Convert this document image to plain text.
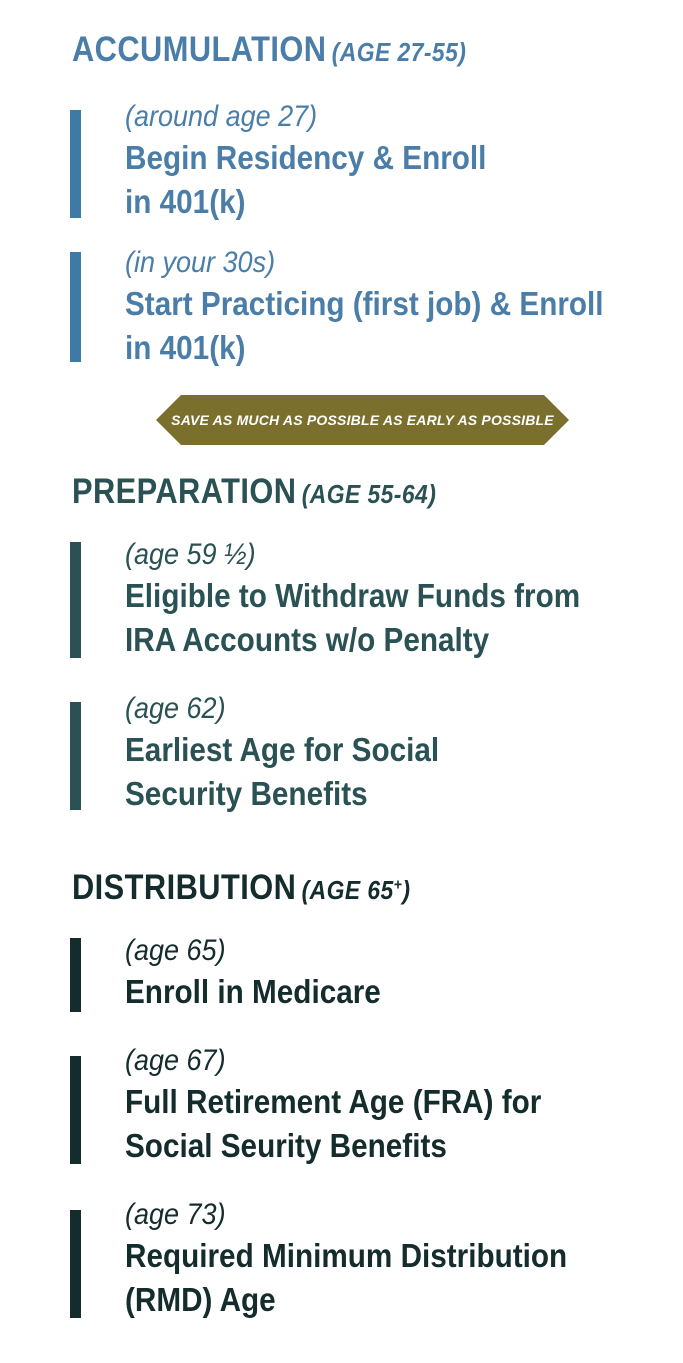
ACCUMULATION (AGE 27-55)
(around age 27)
Begin Residency & Enroll
in 401(k)
(in your 30s)
Start Practicing (first job) & Enroll
in 401(k)
SAVE AS MUCH AS POSSIBLE AS EARLY AS POSSIBLE
PREPARATION (AGE 55-64)
(age 59 ½)
Eligible to Withdraw Funds from
IRA Accounts w/o Penalty
(age 62)
Earliest Age for Social
Security Benefits
DISTRIBUTION (AGE 65+)
(age 65)
Enroll in Medicare
(age 67)
Full Retirement Age (FRA) for
Social Seurity Benefits
(age 73)
Required Minimum Distribution
(RMD) Age
